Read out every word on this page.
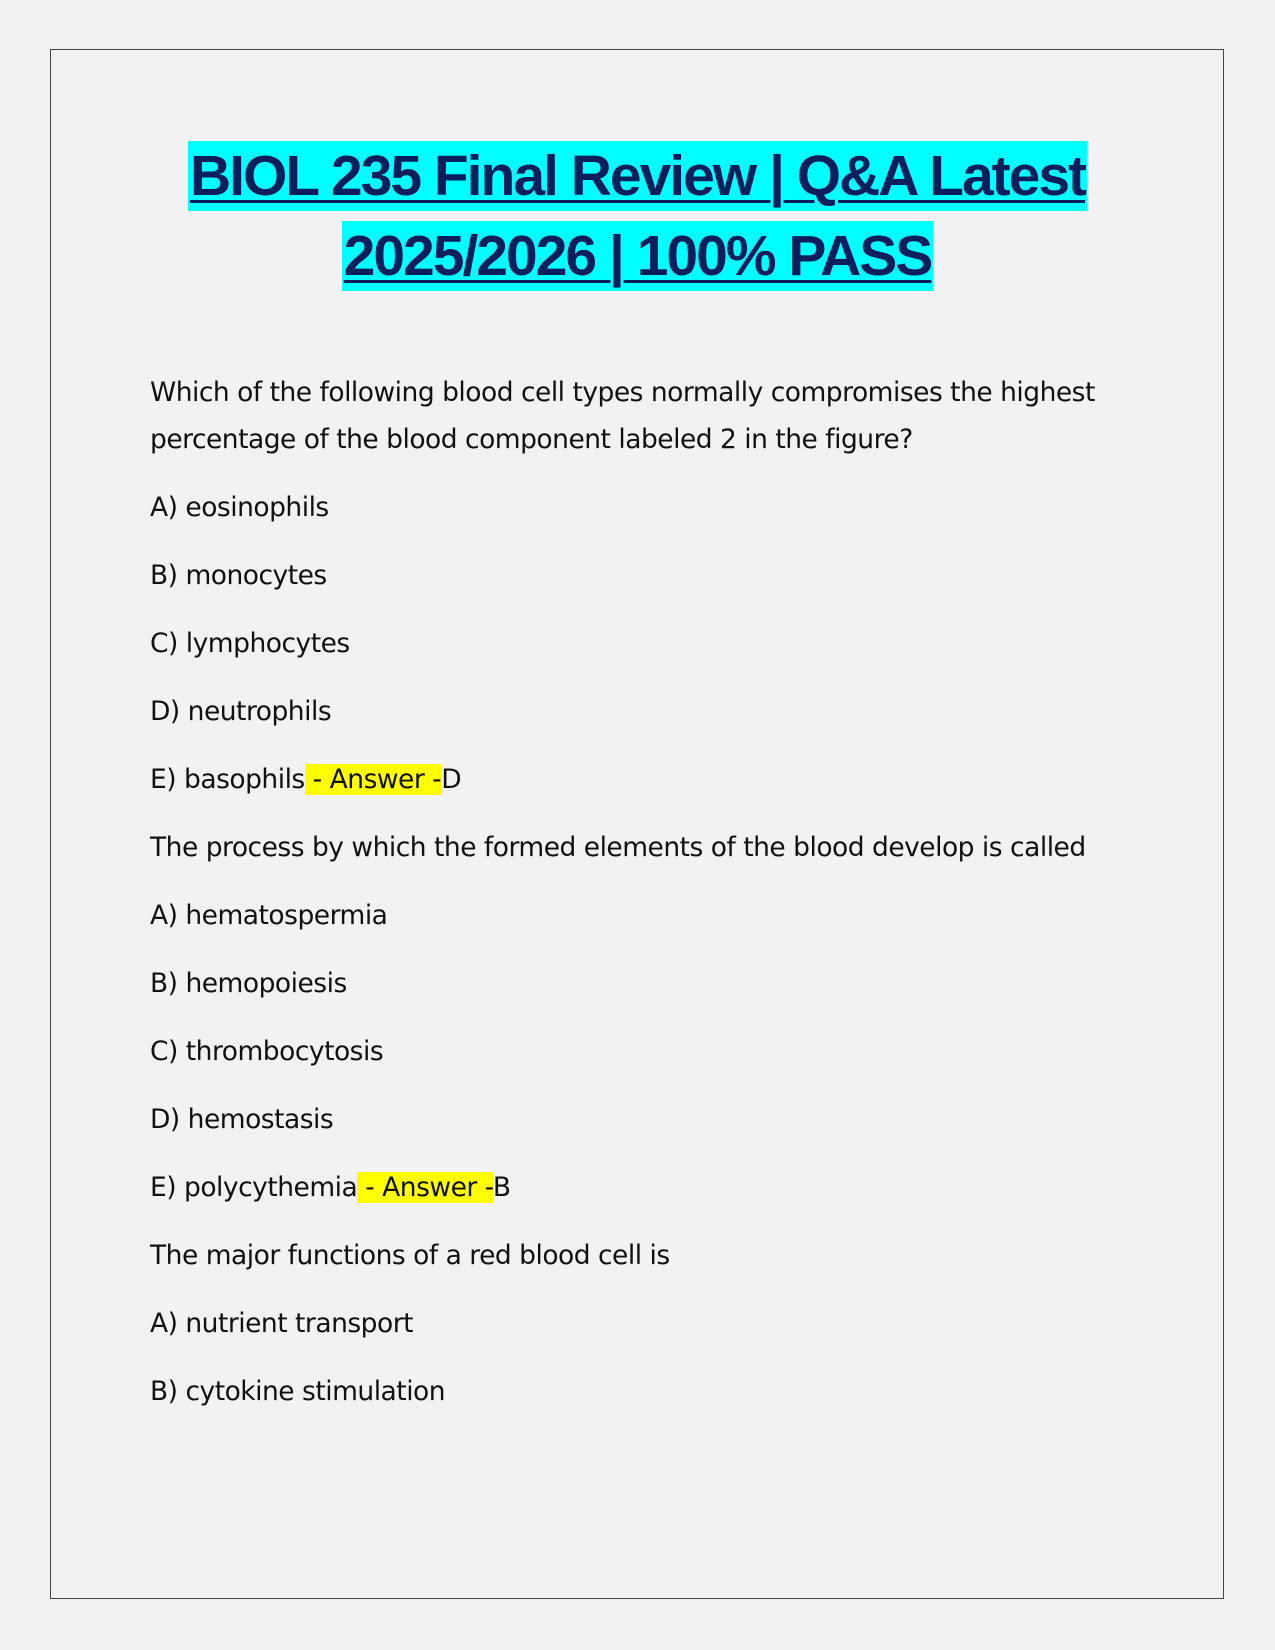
BIOL 235 Final Review | Q&A Latest
2025/2026 | 100% PASS
Which of the following blood cell types normally compromises the highest percentage of the blood component labeled 2 in the figure?
A) eosinophils
B) monocytes
C) lymphocytes
D) neutrophils
E) basophils - Answer -D
The process by which the formed elements of the blood develop is called
A) hematospermia
B) hemopoiesis
C) thrombocytosis
D) hemostasis
E) polycythemia - Answer -B
The major functions of a red blood cell is
A) nutrient transport
B) cytokine stimulation
